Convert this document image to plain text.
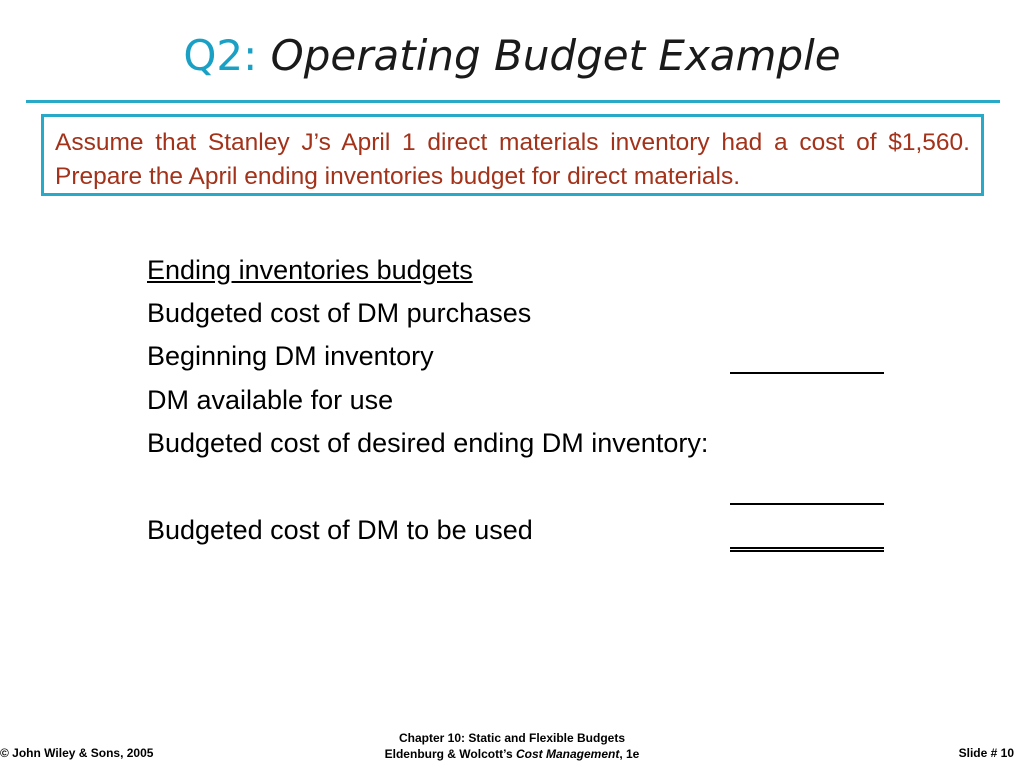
Q2: Operating Budget Example
Assume that Stanley J’s April 1 direct materials inventory had a cost of $1,560. Prepare the April ending inventories budget for direct materials.
Ending inventories budgets
Budgeted cost of DM purchases
Beginning DM inventory
DM available for use
Budgeted cost of desired ending DM inventory:
Budgeted cost of DM to be used
© John Wiley & Sons, 2005
Chapter 10: Static and Flexible Budgets
Eldenburg & Wolcott’s Cost Management, 1e	Slide # 10
